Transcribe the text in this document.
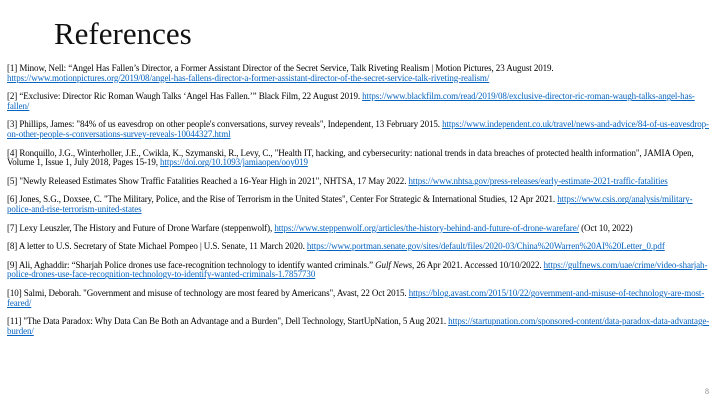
References

[1] Minow, Nell: “Angel Has Fallen’s Director, a Former Assistant Director of the Secret Service, Talk Riveting Realism | Motion Pictures, 23 August 2019. https://www.motionpictures.org/2019/08/angel-has-fallens-director-a-former-assistant-director-of-the-secret-service-talk-riveting-realism/

[2] “Exclusive: Director Ric Roman Waugh Talks ‘Angel Has Fallen.’” Black Film, 22 August 2019. https://www.blackfilm.com/read/2019/08/exclusive-director-ric-roman-waugh-talks-angel-has-fallen/

[3] Phillips, James: "84% of us eavesdrop on other people's conversations, survey reveals", Independent, 13 February 2015. https://www.independent.co.uk/travel/news-and-advice/84-of-us-eavesdrop-on-other-people-s-conversations-survey-reveals-10044327.html

[4] Ronquillo, J.G., Winterholler, J.E., Cwikla, K., Szymanski, R., Levy, C., "Health IT, hacking, and cybersecurity: national trends in data breaches of protected health information", JAMIA Open, Volume 1, Issue 1, July 2018, Pages 15-19, https://doi.org/10.1093/jamiaopen/ooy019

[5] "Newly Released Estimates Show Traffic Fatalities Reached a 16-Year High in 2021", NHTSA, 17 May 2022. https://www.nhtsa.gov/press-releases/early-estimate-2021-traffic-fatalities

[6] Jones, S.G., Doxsee, C. "The Military, Police, and the Rise of Terrorism in the United States", Center For Strategic & International Studies, 12 Apr 2021. https://www.csis.org/analysis/military-police-and-rise-terrorism-united-states

[7] Lexy Leuszler, The History and Future of Drone Warfare (steppenwolf), https://www.steppenwolf.org/articles/the-history-behind-and-future-of-drone-warefare/ (Oct 10, 2022)

[8] A letter to U.S. Secretary of State Michael Pompeo | U.S. Senate, 11 March 2020. https://www.portman.senate.gov/sites/default/files/2020-03/China%20Warren%20AI%20Letter_0.pdf

[9] Ali, Aghaddir: “Sharjah Police drones use face-recognition technology to identify wanted criminals.” Gulf News, 26 Apr 2021. Accessed 10/10/2022. https://gulfnews.com/uae/crime/video-sharjah-police-drones-use-face-recognition-technology-to-identify-wanted-criminals-1.7857730

[10] Salmi, Deborah. "Government and misuse of technology are most feared by Americans", Avast, 22 Oct 2015. https://blog.avast.com/2015/10/22/government-and-misuse-of-technology-are-most-feared/

[11] "The Data Paradox: Why Data Can Be Both an Advantage and a Burden", Dell Technology, StartUpNation, 5 Aug 2021. https://startupnation.com/sponsored-content/data-paradox-data-advantage-burden/

8
